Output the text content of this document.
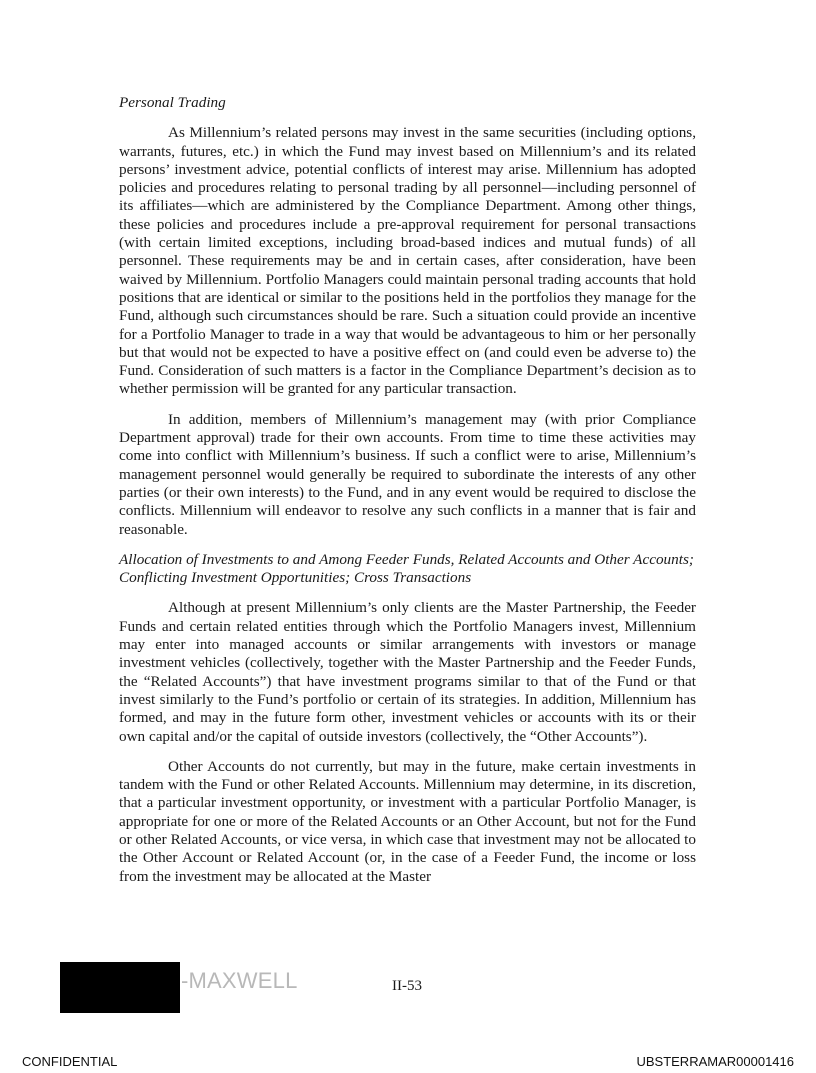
Personal Trading

As Millennium’s related persons may invest in the same securities (including options, warrants, futures, etc.) in which the Fund may invest based on Millennium’s and its related persons’ investment advice, potential conflicts of interest may arise. Millennium has adopted policies and procedures relating to personal trading by all personnel—including personnel of its affiliates—which are administered by the Compliance Department. Among other things, these policies and procedures include a pre-approval requirement for personal transactions (with certain limited exceptions, including broad-based indices and mutual funds) of all personnel. These requirements may be and in certain cases, after consideration, have been waived by Millennium. Portfolio Managers could maintain personal trading accounts that hold positions that are identical or similar to the positions held in the portfolios they manage for the Fund, although such circumstances should be rare. Such a situation could provide an incentive for a Portfolio Manager to trade in a way that would be advantageous to him or her personally but that would not be expected to have a positive effect on (and could even be adverse to) the Fund. Consideration of such matters is a factor in the Compliance Department’s decision as to whether permission will be granted for any particular transaction.

In addition, members of Millennium’s management may (with prior Compliance Department approval) trade for their own accounts. From time to time these activities may come into conflict with Millennium’s business. If such a conflict were to arise, Millennium’s management personnel would generally be required to subordinate the interests of any other parties (or their own interests) to the Fund, and in any event would be required to disclose the conflicts. Millennium will endeavor to resolve any such conflicts in a manner that is fair and reasonable.

Allocation of Investments to and Among Feeder Funds, Related Accounts and Other Accounts; Conflicting Investment Opportunities; Cross Transactions

Although at present Millennium’s only clients are the Master Partnership, the Feeder Funds and certain related entities through which the Portfolio Managers invest, Millennium may enter into managed accounts or similar arrangements with investors or manage investment vehicles (collectively, together with the Master Partnership and the Feeder Funds, the “Related Accounts”) that have investment programs similar to that of the Fund or that invest similarly to the Fund’s portfolio or certain of its strategies. In addition, Millennium has formed, and may in the future form other, investment vehicles or accounts with its or their own capital and/or the capital of outside investors (collectively, the “Other Accounts”).

Other Accounts do not currently, but may in the future, make certain investments in tandem with the Fund or other Related Accounts. Millennium may determine, in its discretion, that a particular investment opportunity, or investment with a particular Portfolio Manager, is appropriate for one or more of the Related Accounts or an Other Account, but not for the Fund or other Related Accounts, or vice versa, in which case that investment may not be allocated to the Other Account or Related Account (or, in the case of a Feeder Fund, the income or loss from the investment may be allocated at the Master

-MAXWELL	II-53
CONFIDENTIAL	UBSTERRAMAR00001416
